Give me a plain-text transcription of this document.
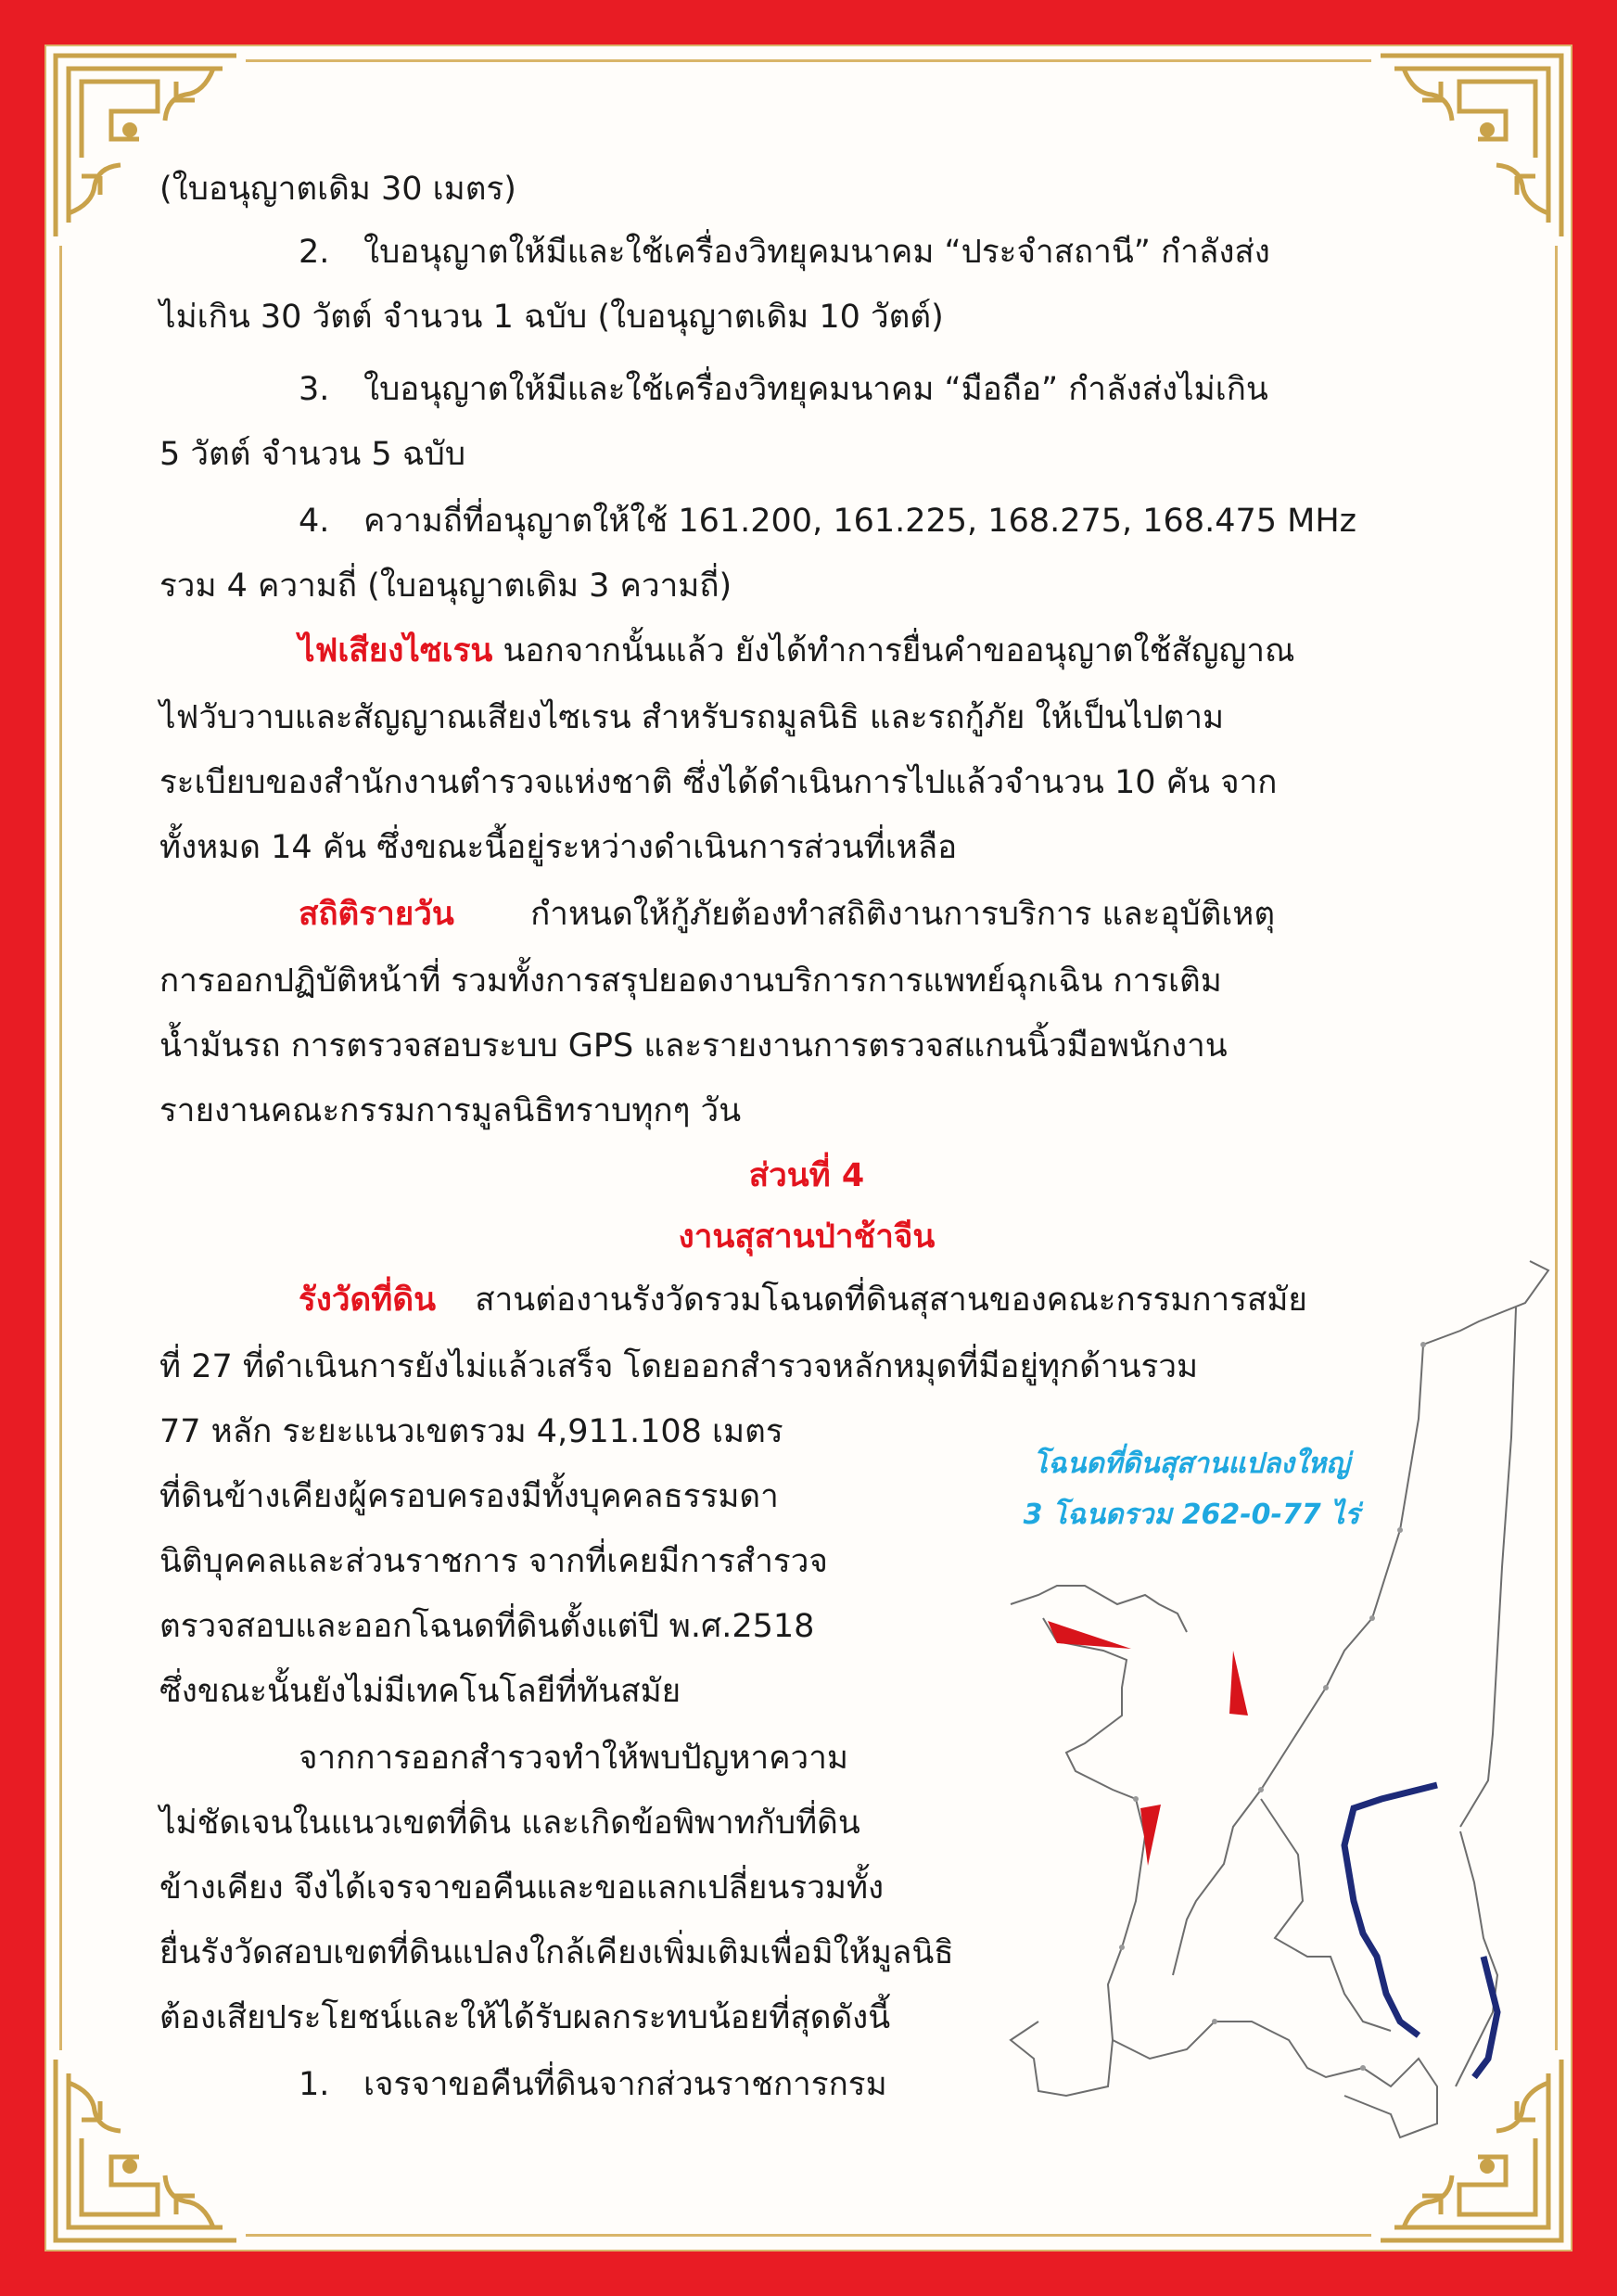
(ใบอนุญาตเดิม 30 เมตร)
2. ใบอนุญาตให้มีและใช้เครื่องวิทยุคมนาคม “ประจำสถานี” กำลังส่ง
ไม่เกิน 30 วัตต์ จำนวน 1 ฉบับ (ใบอนุญาตเดิม 10 วัตต์)
3. ใบอนุญาตให้มีและใช้เครื่องวิทยุคมนาคม “มือถือ” กำลังส่งไม่เกิน
5 วัตต์ จำนวน 5 ฉบับ
4. ความถี่ที่อนุญาตให้ใช้ 161.200, 161.225, 168.275, 168.475 MHz
รวม 4 ความถี่ (ใบอนุญาตเดิม 3 ความถี่)
ไฟเสียงไซเรน นอกจากนั้นแล้ว ยังได้ทำการยื่นคำขออนุญาตใช้สัญญาณ
ไฟวับวาบและสัญญาณเสียงไซเรน สำหรับรถมูลนิธิ และรถกู้ภัย ให้เป็นไปตาม
ระเบียบของสำนักงานตำรวจแห่งชาติ ซึ่งได้ดำเนินการไปแล้วจำนวน 10 คัน จาก
ทั้งหมด 14 คัน ซึ่งขณะนี้อยู่ระหว่างดำเนินการส่วนที่เหลือ
สถิติรายวัน กำหนดให้กู้ภัยต้องทำสถิติงานการบริการ และอุบัติเหตุ
การออกปฏิบัติหน้าที่ รวมทั้งการสรุปยอดงานบริการการแพทย์ฉุกเฉิน การเติม
น้ำมันรถ การตรวจสอบระบบ GPS และรายงานการตรวจสแกนนิ้วมือพนักงาน
รายงานคณะกรรมการมูลนิธิทราบทุกๆ วัน
ส่วนที่ 4
งานสุสานป่าช้าจีน
รังวัดที่ดิน สานต่องานรังวัดรวมโฉนดที่ดินสุสานของคณะกรรมการสมัย
ที่ 27 ที่ดำเนินการยังไม่แล้วเสร็จ โดยออกสำรวจหลักหมุดที่มีอยู่ทุกด้านรวม
77 หลัก ระยะแนวเขตรวม 4,911.108 เมตร
ที่ดินข้างเคียงผู้ครอบครองมีทั้งบุคคลธรรมดา
นิติบุคคลและส่วนราชการ จากที่เคยมีการสำรวจ
ตรวจสอบและออกโฉนดที่ดินตั้งแต่ปี พ.ศ.2518
ซึ่งขณะนั้นยังไม่มีเทคโนโลยีที่ทันสมัย
จากการออกสำรวจทำให้พบปัญหาความ
ไม่ชัดเจนในแนวเขตที่ดิน และเกิดข้อพิพาทกับที่ดิน
ข้างเคียง จึงได้เจรจาขอคืนและขอแลกเปลี่ยนรวมทั้ง
ยื่นรังวัดสอบเขตที่ดินแปลงใกล้เคียงเพิ่มเติมเพื่อมิให้มูลนิธิ
ต้องเสียประโยชน์และให้ได้รับผลกระทบน้อยที่สุดดังนี้
1. เจรจาขอคืนที่ดินจากส่วนราชการกรม
โฉนดที่ดินสุสานแปลงใหญ่
3 โฉนดรวม 262-0-77 ไร่
